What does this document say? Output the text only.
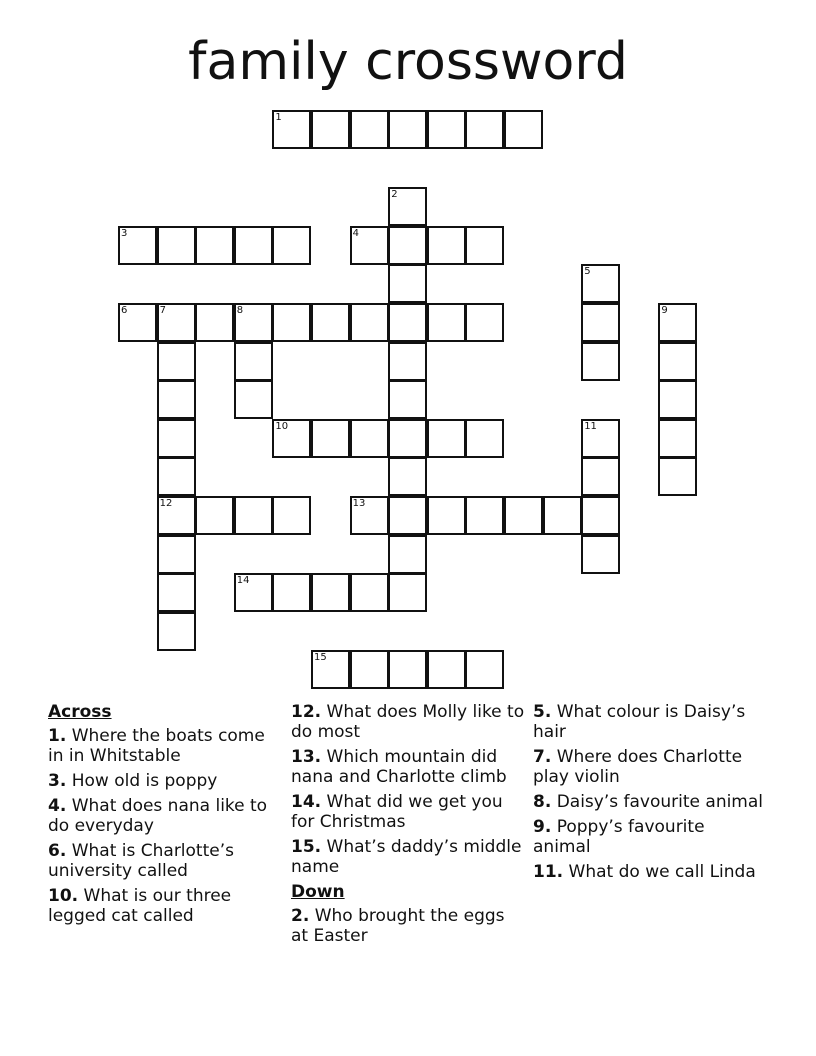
family crossword
1
3	4
6	7	8
10
12	13
14
15
2
5
9
11
Across
1. Where the boats come in in Whitstable
3. How old is poppy
4. What does nana like to do everyday
6. What is Charlotte’s university called
10. What is our three legged cat called
12. What does Molly like to do most
13. Which mountain did nana and Charlotte climb
14. What did we get you for Christmas
15. What’s daddy’s middle name
Down
2. Who brought the eggs at Easter
5. What colour is Daisy’s hair
7. Where does Charlotte play violin
8. Daisy’s favourite animal
9. Poppy’s favourite animal
11. What do we call Linda
